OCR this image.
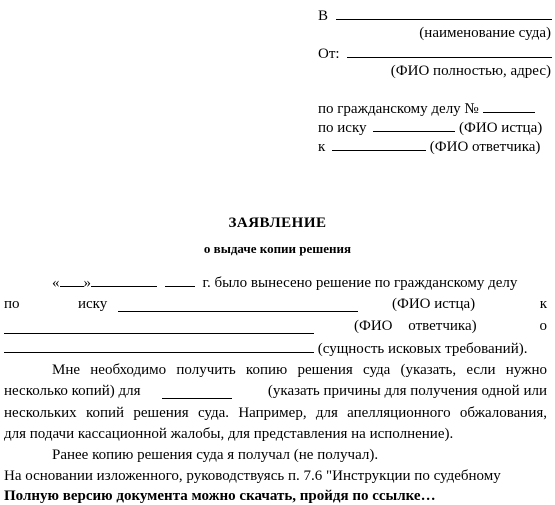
В
(наименование суда)
От:
(ФИО полностью, адрес)
по гражданскому делу №
по иску	(ФИО истца)
к	(ФИО ответчика)
ЗАЯВЛЕНИЕ
о выдаче копии решения
« »	г. было вынесено решение по гражданскому делу
по	иску	(ФИО истца)	к
(ФИО ответчика)	о
(сущность исковых требований).
Мне необходимо получить копию решения суда (указать, если нужно
несколько копий) для	(указать причины для получения одной или
нескольких копий решения суда. Например, для апелляционного обжалования,
для подачи кассационной жалобы, для представления на исполнение).
Ранее копию решения суда я получал (не получал).
На основании изложенного, руководствуясь п. 7.6 "Инструкции по судебному
Полную версию документа можно скачать, пройдя по ссылке…
